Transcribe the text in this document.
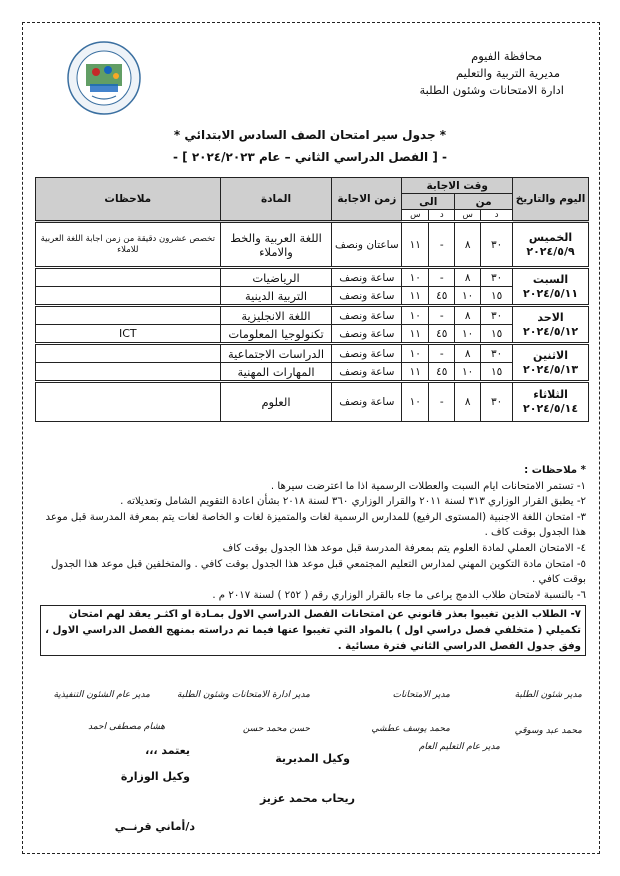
محافظة الفيوم
مديرية التربية والتعليم
ادارة الامتحانات وشئون الطلبة
* جدول سير امتحان الصف السادس الابتدائي *
- [ الفصل الدراسي الثاني – عام ٢٠٢٤/٢٠٢٣ ] -
اليوم والتاريخ	وقت الاجابة				زمن الاجابة	المادة	ملاحظات
	من		الى				
	د	س	د	س			

الخميس
٢٠٢٤/٥/٩	٣٠	٨	-	١١	ساعتان ونصف	اللغة العربية والخط والاملاء	تخصص عشرون دقيقة من زمن اجابة اللغة العربية للاملاء

السبت
٢٠٢٤/٥/١١	٣٠	٨	-	١٠	ساعة ونصف	الرياضيات	
	١٥	١٠	٤٥	١١	ساعة ونصف	التربية الدينية	

الاحد
٢٠٢٤/٥/١٢	٣٠	٨	-	١٠	ساعة ونصف	اللغة الانجليزية	
	١٥	١٠	٤٥	١١	ساعة ونصف	تكنولوجيا المعلومات	ICT

الاثنين
٢٠٢٤/٥/١٣	٣٠	٨	-	١٠	ساعة ونصف	الدراسات الاجتماعية	
	١٥	١٠	٤٥	١١	ساعة ونصف	المهارات المهنية	

الثلاثاء
٢٠٢٤/٥/١٤	٣٠	٨	-	١٠	ساعة ونصف	العلوم	

* ملاحظات :

١- تستمر الامتحانات ايام السبت والعطلات الرسمية اذا ما اعترضت سيرها .

٢- يطبق القرار الوزاري ٣١٣ لسنة ٢٠١١ والقرار الوزاري ٣٦٠ لسنة ٢٠١٨ بشأن اعادة التقويم الشامل وتعديلاته .

٣- امتحان اللغة الاجنبية (المستوى الرفيع) للمدارس الرسمية لغات والمتميزة لغات و الخاصة لغات يتم بمعرفة المدرسة قبل موعد هذا الجدول بوقت كاف .

٤- الامتحان العملي لمادة العلوم يتم بمعرفة المدرسة قبل موعد هذا الجدول بوقت كاف

٥- امتحان مادة التكوين المهني لمدارس التعليم المجتمعي قبل موعد هذا الجدول بوقت كافي . والمتخلفين قبل موعد هذا الجدول بوقت كافي .

٦- بالنسبة لامتحان طلاب الدمج يراعى ما جاء بالقرار الوزاري رقم ( ٢٥٢ ) لسنة ٢٠١٧ م .

٧- الطلاب الذين تغيبوا بعذر قانوني عن امتحانات الفصل الدراسي الاول بمـادة او اكثـر يعقد لهم امتحان تكميلي ( متخلفي فصل دراسي اول ) بالمواد التي تغيبوا عنها فيما تم دراسته بمنهج الفصل الدراسي الاول ، وفق جدول الفصل الدراسي الثاني فترة مسائية .
مدير شئون الطلبة
مدير الامتحانات
مدير ادارة الامتحانات وشئون الطلبة
مدير عام الشئون التنفيذية
محمد عبد وسوقي
محمد يوسف عطشي
حسن محمد حسن
هشام مصطفى احمد
مدير عام التعليم العام
يعتمد ،،،
وكيل المديرية
وكيل الوزارة
ريحاب محمد عزيز
د/أماني قرنــي
